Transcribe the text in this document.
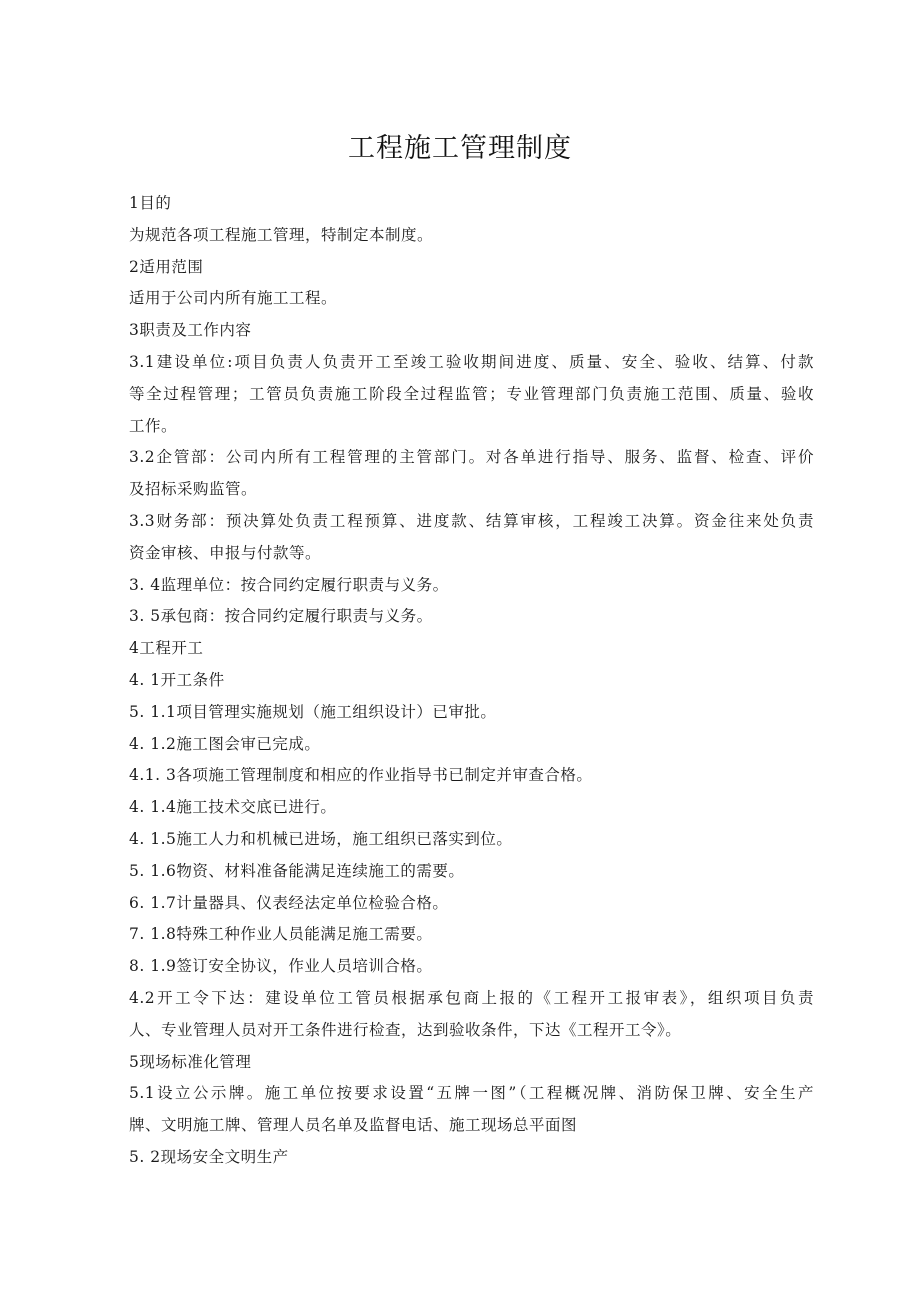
工程施工管理制度
1目的
为规范各项工程施工管理，特制定本制度。
2适用范围
适用于公司内所有施工工程。
3职责及工作内容
3.1建设单位:项目负责人负责开工至竣工验收期间进度、质量、安全、验收、结算、付款
等全过程管理；工管员负责施工阶段全过程监管；专业管理部门负责施工范围、质量、验收
工作。
3.2企管部：公司内所有工程管理的主管部门。对各单进行指导、服务、监督、检查、评价
及招标采购监管。
3.3财务部：预决算处负责工程预算、进度款、结算审核，工程竣工决算。资金往来处负责
资金审核、申报与付款等。
3. 4监理单位：按合同约定履行职责与义务。
3. 5承包商：按合同约定履行职责与义务。
4工程开工
4. 1开工条件
5. 1.1项目管理实施规划（施工组织设计）已审批。
4. 1.2施工图会审已完成。
4.1. 3各项施工管理制度和相应的作业指导书已制定并审查合格。
4. 1.4施工技术交底已进行。
4. 1.5施工人力和机械已进场，施工组织已落实到位。
5. 1.6物资、材料准备能满足连续施工的需要。
6. 1.7计量器具、仪表经法定单位检验合格。
7. 1.8特殊工种作业人员能满足施工需要。
8. 1.9签订安全协议，作业人员培训合格。
4.2开工令下达：建设单位工管员根据承包商上报的《工程开工报审表》，组织项目负责
人、专业管理人员对开工条件进行检查，达到验收条件，下达《工程开工令》。
5现场标准化管理
5.1设立公示牌。施工单位按要求设置“五牌一图”（工程概况牌、消防保卫牌、安全生产
牌、文明施工牌、管理人员名单及监督电话、施工现场总平面图
5. 2现场安全文明生产
